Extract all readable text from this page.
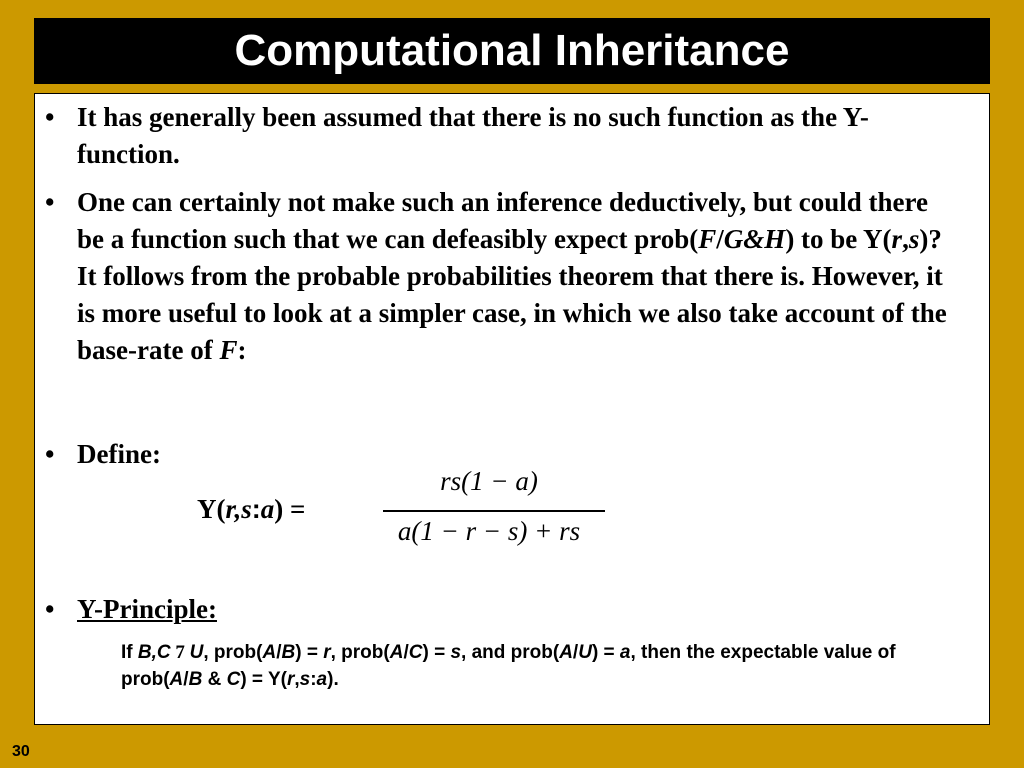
Computational Inheritance
• It has generally been assumed that there is no such function as the Y-function.
• One can certainly not make such an inference deductively, but could there be a function such that we can defeasibly expect prob(F/G&H) to be Y(r,s)? It follows from the probable probabilities theorem that there is. However, it is more useful to look at a simpler case, in which we also take account of the base-rate of F:
• Define:
Y(r,s:a) =
rs(1 − a)
a(1 − r − s) + rs
• Y-Principle:
If B,C 7 U, prob(A/B) = r, prob(A/C) = s, and prob(A/U) = a, then the expectable value of prob(A/B & C) = Y(r,s:a).
30
